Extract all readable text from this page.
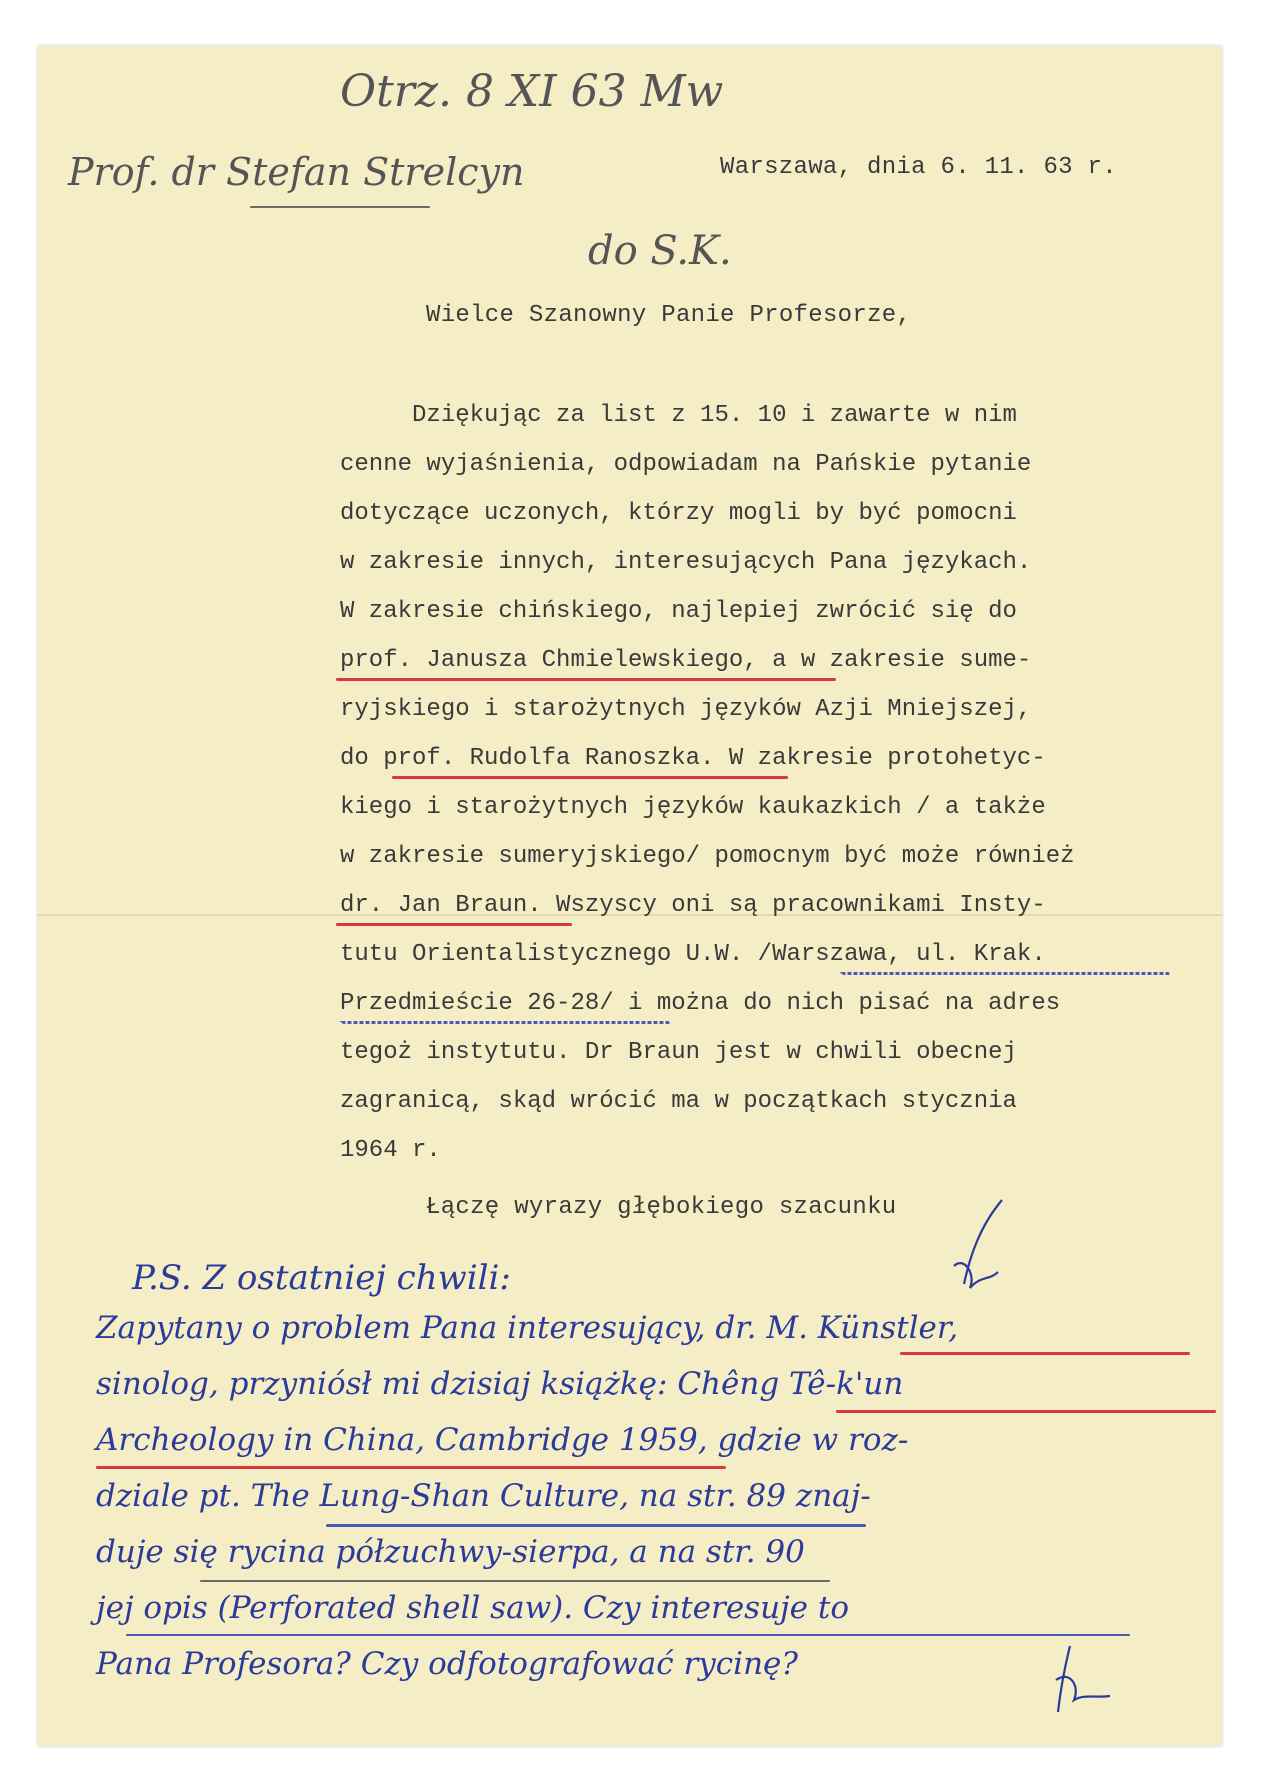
Otrz. 8 XI 63 Mw

Prof. dr Stefan Strelcyn

do S.K.

Warszawa, dnia 6. 11. 63 r.

Wielce Szanowny Panie Profesorze,

Dziękując za list z 15. 10 i zawarte w nim

cenne wyjaśnienia, odpowiadam na Pańskie pytanie

dotyczące uczonych, którzy mogli by być pomocni

w zakresie innych, interesujących Pana językach.

W zakresie chińskiego, najlepiej zwrócić się do

prof. Janusza Chmielewskiego, a w zakresie sume-

ryjskiego i starożytnych języków Azji Mniejszej,

do prof. Rudolfa Ranoszka. W zakresie protohetyc-

kiego i starożytnych języków kaukazkich / a także

w zakresie sumeryjskiego/ pomocnym być może również

dr. Jan Braun. Wszyscy oni są pracownikami Insty-

tutu Orientalistycznego U.W. /Warszawa, ul. Krak.

Przedmieście 26-28/ i można do nich pisać na adres

tegoż instytutu. Dr Braun jest w chwili obecnej

zagranicą, skąd wrócić ma w początkach stycznia

1964 r.

Łączę wyrazy głębokiego szacunku

P.S. Z ostatniej chwili:

Zapytany o problem Pana interesujący, dr. M. Künstler,

sinolog, przyniósł mi dzisiaj książkę: Chêng Tê-k'un

Archeology in China, Cambridge 1959, gdzie w roz-

dziale pt. The Lung-Shan Culture, na str. 89 znaj-

duje się rycina półzuchwy-sierpa, a na str. 90

jej opis (Perforated shell saw). Czy interesuje to

Pana Profesora? Czy odfotografować rycinę?
